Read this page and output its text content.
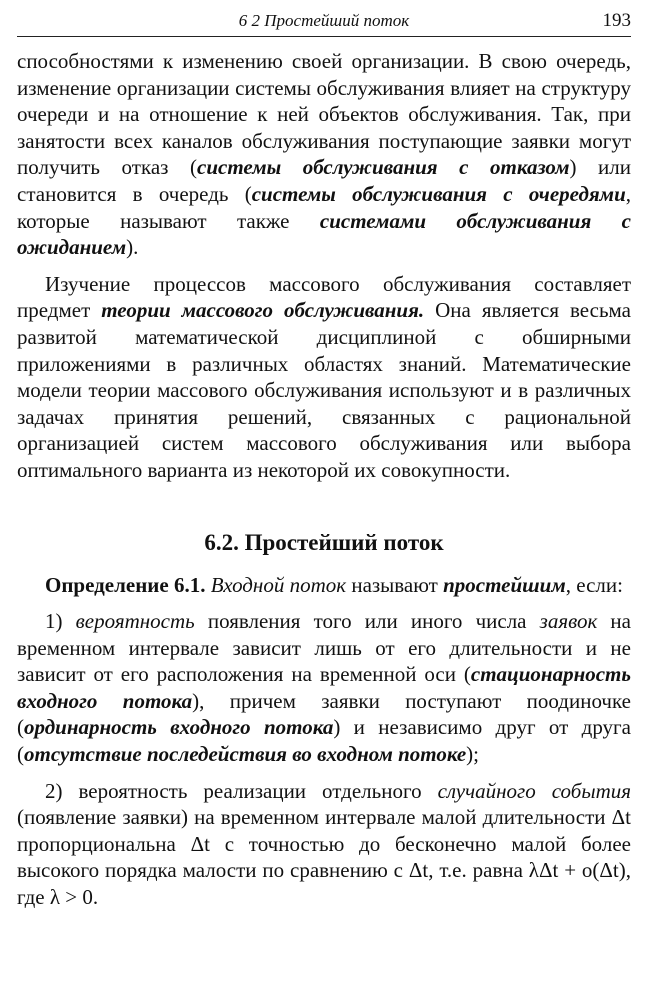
6 2 Простейший поток	193

способностями к изменению своей организации. В свою очередь, изменение организации системы обслуживания влияет на структуру очереди и на отношение к ней объектов обслуживания. Так, при занятости всех каналов обслуживания поступающие заявки могут получить отказ (системы обслуживания с отказом) или становится в очередь (системы обслуживания с очередями, которые называют также системами обслуживания с ожиданием).

Изучение процессов массового обслуживания составляет предмет теории массового обслуживания. Она является весьма развитой математической дисциплиной с обширными приложениями в различных областях знаний. Математические модели теории массового обслуживания используют и в различных задачах принятия решений, связанных с рациональной организацией систем массового обслуживания или выбора оптимального варианта из некоторой их совокупности.

6.2. Простейший поток

Определение 6.1. Входной поток называют простейшим, если:

1) вероятность появления того или иного числа заявок на временном интервале зависит лишь от его длительности и не зависит от его расположения на временной оси (стационарность входного потока), причем заявки поступают поодиночке (ординарность входного потока) и независимо друг от друга (отсутствие последействия во входном потоке);

2) вероятность реализации отдельного случайного события (появление заявки) на временном интервале малой длительности Δt пропорциональна Δt с точностью до бесконечно малой более высокого порядка малости по сравнению с Δt, т.е. равна λΔt + o(Δt), где λ > 0.
